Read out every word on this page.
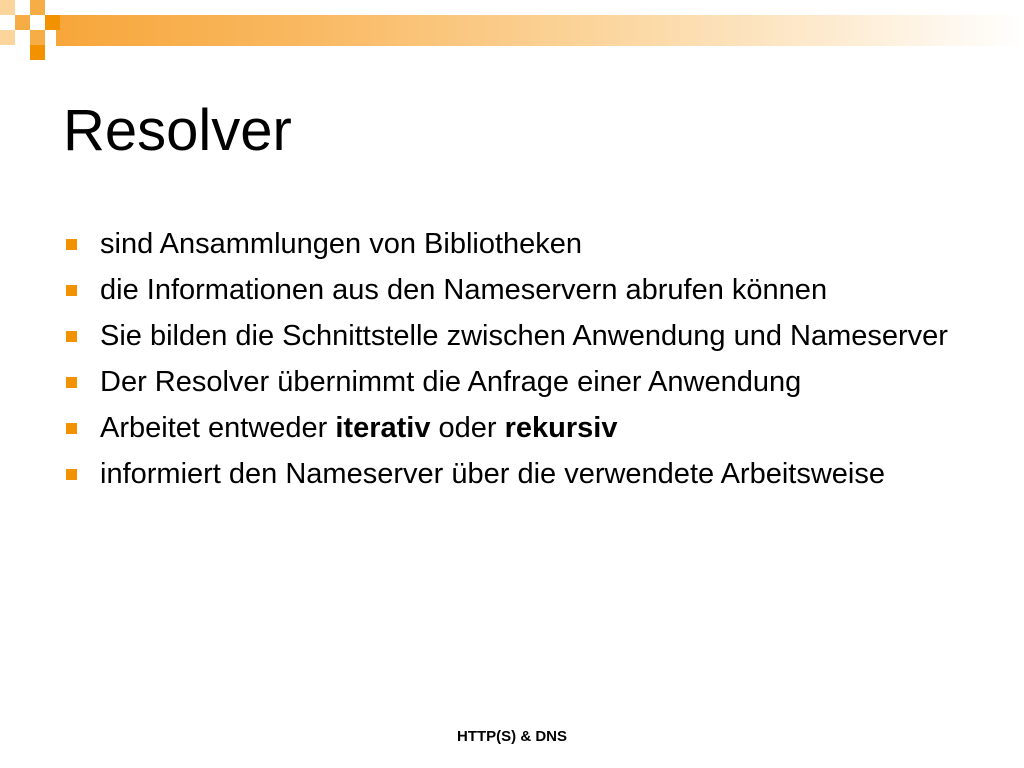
Resolver
sind Ansammlungen von Bibliotheken
die Informationen aus den Nameservern abrufen können
Sie bilden die Schnittstelle zwischen Anwendung und Nameserver
Der Resolver übernimmt die Anfrage einer Anwendung
Arbeitet entweder iterativ oder rekursiv
informiert den Nameserver über die verwendete Arbeitsweise
HTTP(S) & DNS
